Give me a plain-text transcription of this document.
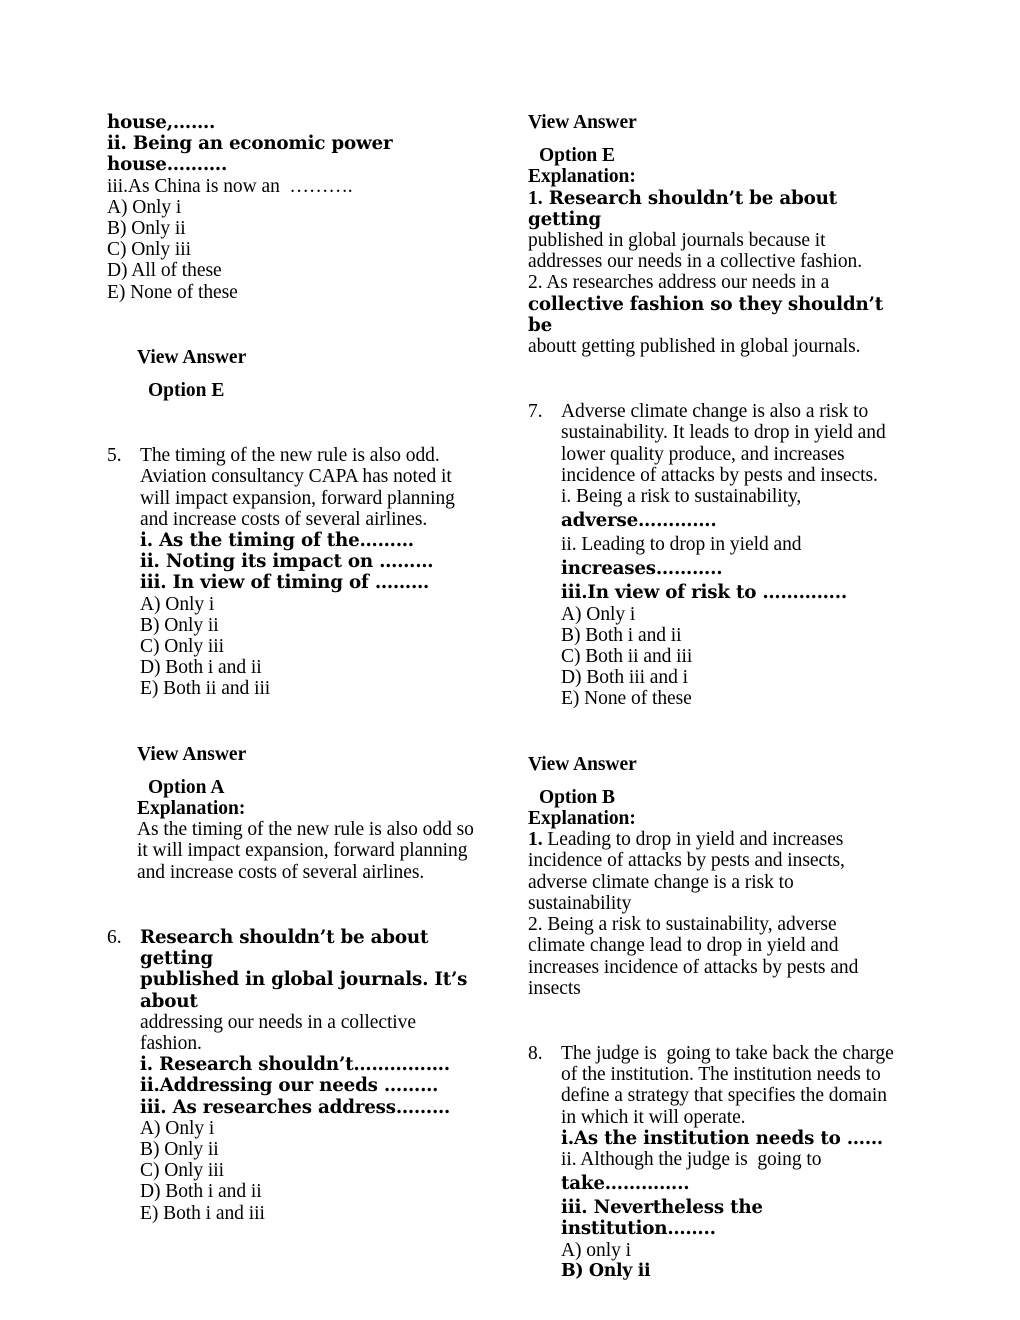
house,…….
ii. Being an economic power house……….
iii.As China is now an  ……….
A) Only i
B) Only ii
C) Only iii
D) All of these
E) None of these
View Answer
Option E
5. The timing of the new rule is also odd.
Aviation consultancy CAPA has noted it
will impact expansion, forward planning
and increase costs of several airlines.
i. As the timing of the………
ii. Noting its impact on ………
iii. In view of timing of ………
A) Only i
B) Only ii
C) Only iii
D) Both i and ii
E) Both ii and iii
View Answer
Option A
Explanation:
As the timing of the new rule is also odd so
it will impact expansion, forward planning
and increase costs of several airlines.
6.	Research shouldn’t be about getting
published in global journals. It’s about
addressing our needs in a collective
fashion.
i. Research shouldn’t…………….
ii.Addressing our needs ………
iii. As researches address………
A) Only i
B) Only ii
C) Only iii
D) Both i and ii
E) Both i and iii
View Answer
Option E
Explanation:
1. Research shouldn’t be about getting
published in global journals because it
addresses our needs in a collective fashion.
2. As researches address our needs in a
collective fashion so they shouldn’t be
aboutt getting published in global journals.
7. Adverse climate change is also a risk to
sustainability. It leads to drop in yield and
lower quality produce, and increases
incidence of attacks by pests and insects.
i. Being a risk to sustainability,
adverse………….
ii. Leading to drop in yield and
increases………..
iii.In view of risk to …………..
A) Only i
B) Both i and ii
C) Both ii and iii
D) Both iii and i
E) None of these
View Answer
Option B
Explanation:
1. Leading to drop in yield and increases
incidence of attacks by pests and insects,
adverse climate change is a risk to
sustainability
2. Being a risk to sustainability, adverse
climate change lead to drop in yield and
increases incidence of attacks by pests and
insects
8. The judge is  going to take back the charge
of the institution. The institution needs to
define a strategy that specifies the domain
in which it will operate.
i.As the institution needs to ……
ii. Although the judge is  going to
take…………..
iii. Nevertheless the institution……..
A) only i
B) Only ii
